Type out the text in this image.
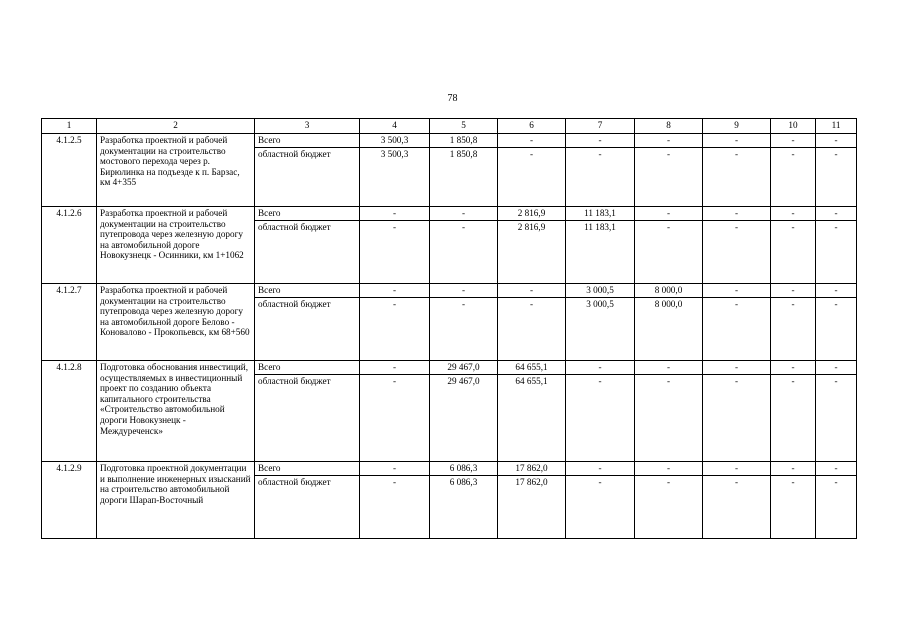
78
1	2	3	4	5	6	7	8	9	10	11
4.1.2.5	Разработка проектной и рабочей документации на строительство мостового перехода через р. Бирюлинка на подъезде к п. Барзас, км 4+355	Всего	3 500,3	1 850,8	-	-	-	-	-	-
		областной бюджет	3 500,3	1 850,8	-	-	-	-	-	-
4.1.2.6	Разработка проектной и рабочей документации на строительство путепровода через железную дорогу на автомобильной дороге Новокузнецк - Осинники, км 1+1062	Всего	-	-	2 816,9	11 183,1	-	-	-	-
		областной бюджет	-	-	2 816,9	11 183,1	-	-	-	-
4.1.2.7	Разработка проектной и рабочей документации на строительство путепровода через железную дорогу на автомобильной дороге Белово - Коновалово - Прокопьевск, км 68+560	Всего	-	-	-	3 000,5	8 000,0	-	-	-
		областной бюджет	-	-	-	3 000,5	8 000,0	-	-	-
4.1.2.8	Подготовка обоснования инвестиций, осуществляемых в инвестиционный проект по созданию объекта капитального строительства «Строительство автомобильной дороги Новокузнецк - Междуреченск»	Всего	-	29 467,0	64 655,1	-	-	-	-	-
		областной бюджет	-	29 467,0	64 655,1	-	-	-	-	-
4.1.2.9	Подготовка проектной документации и выполнение инженерных изысканий на строительство автомобильной дороги Шарап-Восточный	Всего	-	6 086,3	17 862,0	-	-	-	-	-
		областной бюджет	-	6 086,3	17 862,0	-	-	-	-	-
